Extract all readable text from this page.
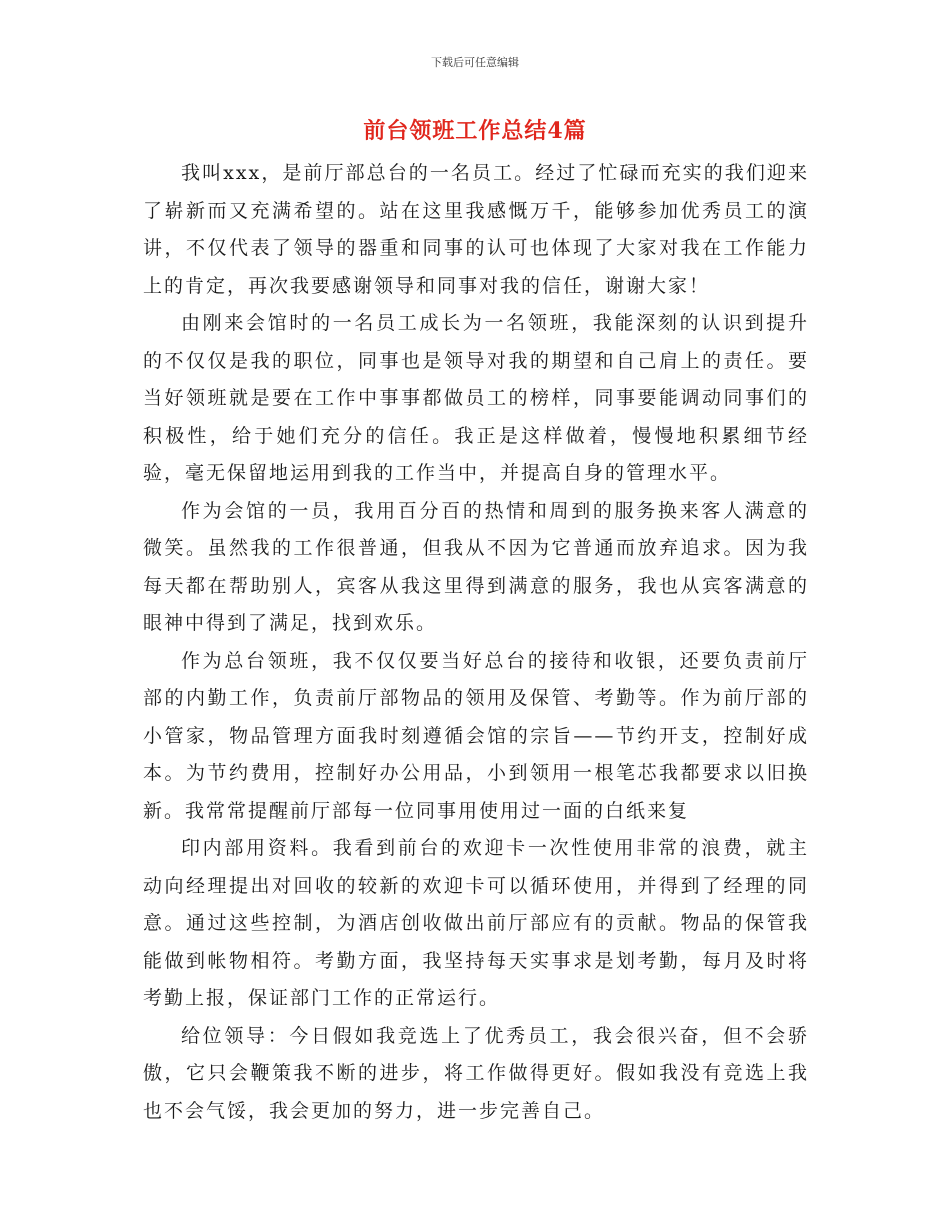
下载后可任意编辑
前台领班工作总结4篇

我叫xxx，是前厅部总台的一名员工。经过了忙碌而充实的我们迎来了崭新而又充满希望的。站在这里我感慨万千，能够参加优秀员工的演讲，不仅代表了领导的器重和同事的认可也体现了大家对我在工作能力上的肯定，再次我要感谢领导和同事对我的信任，谢谢大家！

由刚来会馆时的一名员工成长为一名领班，我能深刻的认识到提升的不仅仅是我的职位，同事也是领导对我的期望和自己肩上的责任。要当好领班就是要在工作中事事都做员工的榜样，同事要能调动同事们的积极性，给于她们充分的信任。我正是这样做着，慢慢地积累细节经验，毫无保留地运用到我的工作当中，并提高自身的管理水平。

作为会馆的一员，我用百分百的热情和周到的服务换来客人满意的微笑。虽然我的工作很普通，但我从不因为它普通而放弃追求。因为我每天都在帮助别人，宾客从我这里得到满意的服务，我也从宾客满意的眼神中得到了满足，找到欢乐。

作为总台领班，我不仅仅要当好总台的接待和收银，还要负责前厅部的内勤工作，负责前厅部物品的领用及保管、考勤等。作为前厅部的小管家，物品管理方面我时刻遵循会馆的宗旨——节约开支，控制好成本。为节约费用，控制好办公用品，小到领用一根笔芯我都要求以旧换新。我常常提醒前厅部每一位同事用使用过一面的白纸来复

印内部用资料。我看到前台的欢迎卡一次性使用非常的浪费，就主动向经理提出对回收的较新的欢迎卡可以循环使用，并得到了经理的同意。通过这些控制，为酒店创收做出前厅部应有的贡献。物品的保管我能做到帐物相符。考勤方面，我坚持每天实事求是划考勤，每月及时将考勤上报，保证部门工作的正常运行。

给位领导：今日假如我竞选上了优秀员工，我会很兴奋，但不会骄傲，它只会鞭策我不断的进步，将工作做得更好。假如我没有竞选上我也不会气馁，我会更加的努力，进一步完善自己。
